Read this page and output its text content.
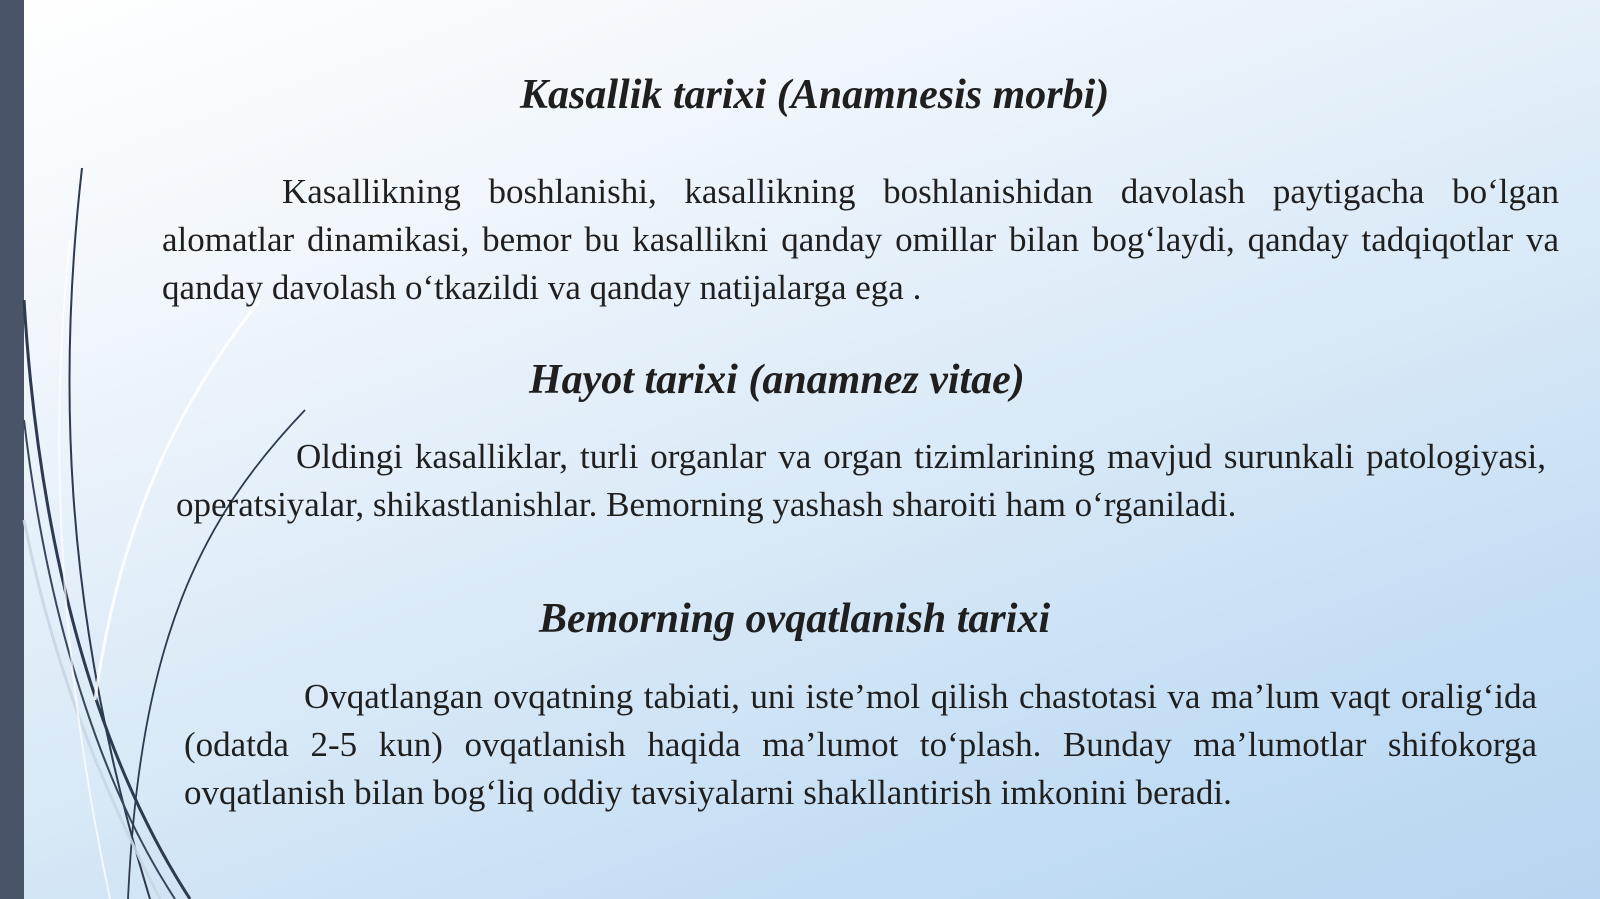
Kasallik tarixi (Anamnesis morbi)

Kasallikning boshlanishi, kasallikning boshlanishidan davolash paytigacha bo‘lgan alomatlar dinamikasi, bemor bu kasallikni qanday omillar bilan bog‘laydi, qanday tadqiqotlar va qanday davolash o‘tkazildi va qanday natijalarga ega .

Hayot tarixi (anamnez vitae)

Oldingi kasalliklar, turli organlar va organ tizimlarining mavjud surunkali patologiyasi, operatsiyalar, shikastlanishlar. Bemorning yashash sharoiti ham o‘rganiladi.

Bemorning ovqatlanish tarixi

Ovqatlangan ovqatning tabiati, uni iste’mol qilish chastotasi va ma’lum vaqt oralig‘ida (odatda 2-5 kun) ovqatlanish haqida ma’lumot to‘plash. Bunday ma’lumotlar shifokorga ovqatlanish bilan bog‘liq oddiy tavsiyalarni shakllantirish imkonini beradi.
